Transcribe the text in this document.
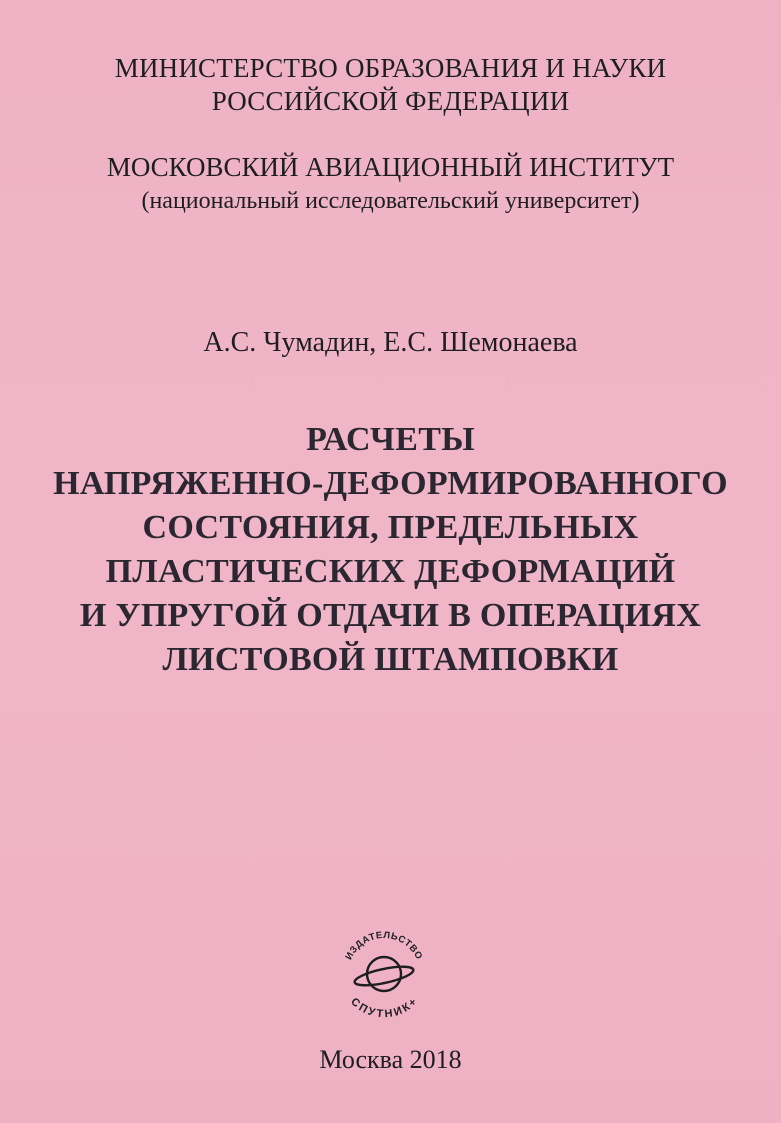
МИНИСТЕРСТВО ОБРАЗОВАНИЯ И НАУКИ
РОССИЙСКОЙ ФЕДЕРАЦИИ
МОСКОВСКИЙ АВИАЦИОННЫЙ ИНСТИТУТ
(национальный исследовательский университет)
А.С. Чумадин, Е.С. Шемонаева
РАСЧЕТЫ
НАПРЯЖЕННО-ДЕФОРМИРОВАННОГО
СОСТОЯНИЯ, ПРЕДЕЛЬНЫХ
ПЛАСТИЧЕСКИХ ДЕФОРМАЦИЙ
И УПРУГОЙ ОТДАЧИ В ОПЕРАЦИЯХ
ЛИСТОВОЙ ШТАМПОВКИ
ИЗДАТЕЛЬСТВО
СПУТНИК+
Москва 2018
